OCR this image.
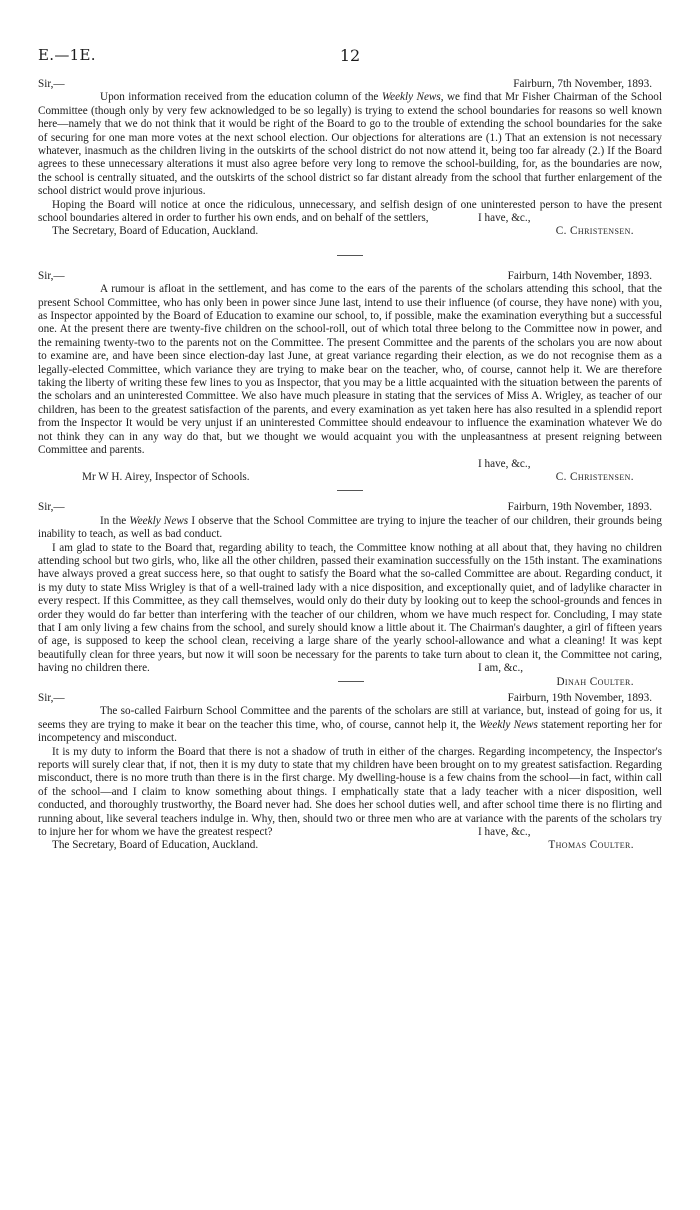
E.—1E.	12
Sir,—	Fairburn, 7th November, 1893.

Upon information received from the education column of the Weekly News, we find that Mr Fisher Chairman of the School Committee (though only by very few acknowledged to be so legally) is trying to extend the school boundaries for reasons so well known here—namely that we do not think that it would be right of the Board to go to the trouble of extending the school boundaries for the sake of securing for one man more votes at the next school election. Our objections for alterations are (1.) That an extension is not necessary whatever, inasmuch as the children living in the outskirts of the school district do not now attend it, being too far already (2.) If the Board agrees to these unnecessary alterations it must also agree before very long to remove the school-building, for, as the boundaries are now, the school is centrally situated, and the outskirts of the school district so far distant already from the school that further enlargement of the school district would prove injurious.

Hoping the Board will notice at once the ridiculous, unnecessary, and selfish design of one uninterested person to have the present school boundaries altered in order to further his own ends, and on behalf of the settlers,	I have, &c.,
The Secretary, Board of Education, Auckland.	C. Christensen.
Sir,—	Fairburn, 14th November, 1893.

A rumour is afloat in the settlement, and has come to the ears of the parents of the scholars attending this school, that the present School Committee, who has only been in power since June last, intend to use their influence (of course, they have none) with you, as Inspector appointed by the Board of Education to examine our school, to, if possible, make the examination everything but a successful one. At the present there are twenty-five children on the school-roll, out of which total three belong to the Committee now in power, and the remaining twenty-two to the parents not on the Committee. The present Committee and the parents of the scholars you are now about to examine are, and have been since election-day last June, at great variance regarding their election, as we do not recognise them as a legally-elected Committee, which variance they are trying to make bear on the teacher, who, of course, cannot help it. We are therefore taking the liberty of writing these few lines to you as Inspector, that you may be a little acquainted with the situation between the parents of the scholars and an uninterested Committee. We also have much pleasure in stating that the services of Miss A. Wrigley, as teacher of our children, has been to the greatest satisfaction of the parents, and every examination as yet taken here has also resulted in a splendid report from the Inspector It would be very unjust if an uninterested Committee should endeavour to influence the examination whatever We do not think they can in any way do that, but we thought we would acquaint you with the unpleasantness at present reigning between Committee and parents.

I have, &c.,
Mr W H. Airey, Inspector of Schools.	C. Christensen.
Sir,—	Fairburn, 19th November, 1893.

In the Weekly News I observe that the School Committee are trying to injure the teacher of our children, their grounds being inability to teach, as well as bad conduct.

I am glad to state to the Board that, regarding ability to teach, the Committee know nothing at all about that, they having no children attending school but two girls, who, like all the other children, passed their examination successfully on the 15th instant. The examinations have always proved a great success here, so that ought to satisfy the Board what the so-called Committee are about. Regarding conduct, it is my duty to state Miss Wrigley is that of a well-trained lady with a nice disposition, and exceptionally quiet, and of ladylike character in every respect. If this Committee, as they call themselves, would only do their duty by looking out to keep the school-grounds and fences in order they would do far better than interfering with the teacher of our children, whom we have much respect for. Concluding, I may state that I am only living a few chains from the school, and surely should know a little about it. The Chairman's daughter, a girl of fifteen years of age, is supposed to keep the school clean, receiving a large share of the yearly school-allowance and what a cleaning! It was kept beautifully clean for three years, but now it will soon be necessary for the parents to take turn about to clean it, the Committee not caring, having no children there.	I am, &c.,
Dinah Coulter.
Sir,—	Fairburn, 19th November, 1893.

The so-called Fairburn School Committee and the parents of the scholars are still at variance, but, instead of going for us, it seems they are trying to make it bear on the teacher this time, who, of course, cannot help it, the Weekly News statement reporting her for incompetency and misconduct.

It is my duty to inform the Board that there is not a shadow of truth in either of the charges. Regarding incompetency, the Inspector's reports will surely clear that, if not, then it is my duty to state that my children have been brought on to my greatest satisfaction. Regarding misconduct, there is no more truth than there is in the first charge. My dwelling-house is a few chains from the school—in fact, within call of the school—and I claim to know something about things. I emphatically state that a lady teacher with a nicer disposition, well conducted, and thoroughly trustworthy, the Board never had. She does her school duties well, and after school time there is no flirting and running about, like several teachers indulge in. Why, then, should two or three men who are at variance with the parents of the scholars try to injure her for whom we have the greatest respect?	I have, &c.,
The Secretary, Board of Education, Auckland.	Thomas Coulter.
